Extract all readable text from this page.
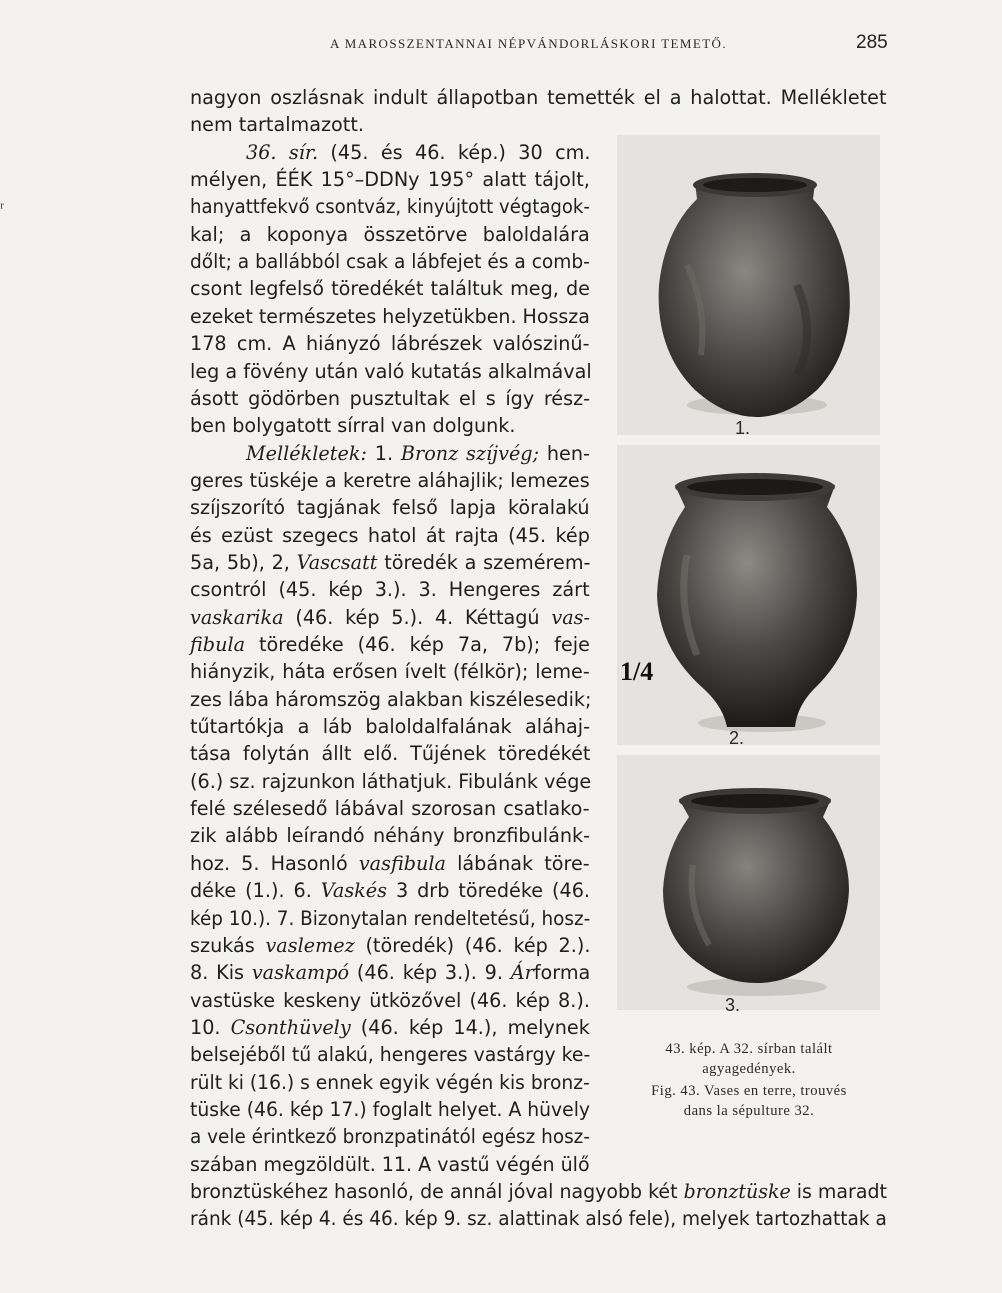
A MAROSSZENTANNAI NÉPVÁNDORLÁSKORI TEMETŐ.	285
ᵣ
nagyon oszlásnak indult állapotban temették el a halottat. Mellékletet
nem tartalmazott.
36. sír. (45. és 46. kép.) 30 cm.
mélyen, ÉÉK 15°–DDNy 195° alatt tájolt,
hanyattfekvő csontváz, kinyújtott végtagok-
kal; a koponya összetörve baloldalára
dőlt; a ballábból csak a lábfejet és a comb-
csont legfelső töredékét találtuk meg, de
ezeket természetes helyzetükben. Hossza
178 cm. A hiányzó lábrészek valószinű-
leg a fövény után való kutatás alkalmával
ásott gödörben pusztultak el s így rész-
ben bolygatott sírral van dolgunk.
Mellékletek: 1. Bronz szíjvég; hen-
geres tüskéje a keretre aláhajlik; lemezes
szíjszorító tagjának felső lapja köralakú
és ezüst szegecs hatol át rajta (45. kép
5a, 5b), 2, Vascsatt töredék a szemérem-
csontról (45. kép 3.). 3. Hengeres zárt
vaskarika (46. kép 5.). 4. Kéttagú vas-
fibula töredéke (46. kép 7a, 7b); feje
hiányzik, háta erősen ívelt (félkör); leme-
zes lába háromszög alakban kiszélesedik;
tűtartókja a láb baloldalfalának aláhaj-
tása folytán állt elő. Tűjének töredékét
(6.) sz. rajzunkon láthatjuk. Fibulánk vége
felé szélesedő lábával szorosan csatlako-
zik alább leírandó néhány bronzfibulánk-
hoz. 5. Hasonló vasfibula lábának töre-
déke (1.). 6. Vaskés 3 drb töredéke (46.
kép 10.). 7. Bizonytalan rendeltetésű, hosz-
szukás vaslemez (töredék) (46. kép 2.).
8. Kis vaskampó (46. kép 3.). 9. Árforma
vastüske keskeny ütközővel (46. kép 8.).
10. Csonthüvely (46. kép 14.), melynek
belsejéből tű alakú, hengeres vastárgy ke-
rült ki (16.) s ennek egyik végén kis bronz-
tüske (46. kép 17.) foglalt helyet. A hüvely
a vele érintkező bronzpatinától egész hosz-
szában megzöldült. 11. A vastű végén ülő
bronztüskéhez hasonló, de annál jóval nagyobb két bronztüske is maradt
ránk (45. kép 4. és 46. kép 9. sz. alattinak alsó fele), melyek tartozhattak a
1.
2.
3.
1/4
43. kép. A 32. sírban talált
agyagedények.
Fig. 43. Vases en terre, trouvés
dans la sépulture 32.
